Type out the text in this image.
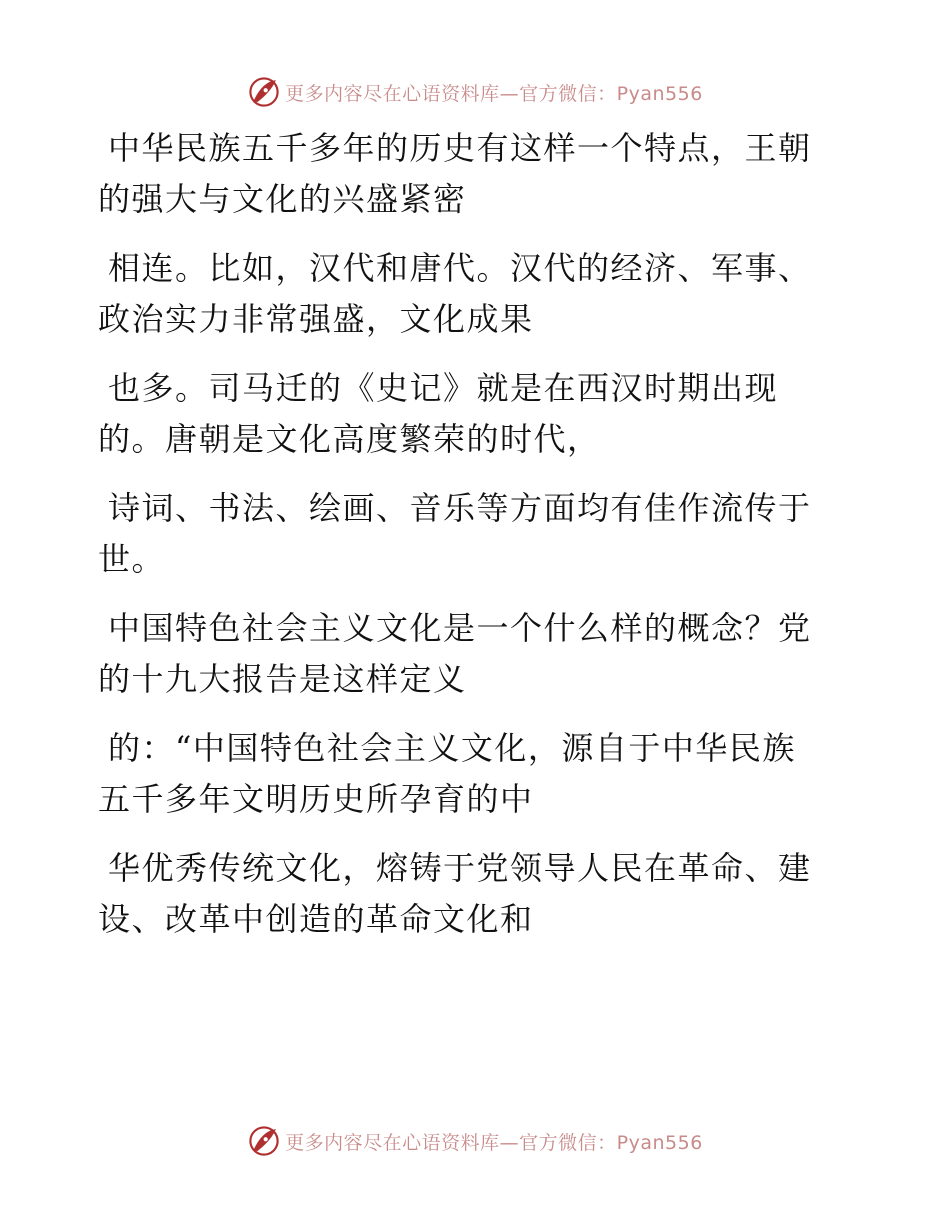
更多内容尽在心语资料库—官方微信：Pyan556
中华民族五千多年的历史有这样一个特点，王朝
的强大与文化的兴盛紧密
相连。比如，汉代和唐代。汉代的经济、军事、
政治实力非常强盛，文化成果
也多。司马迁的《史记》就是在西汉时期出现
的。唐朝是文化高度繁荣的时代，
诗词、书法、绘画、音乐等方面均有佳作流传于
世。
中国特色社会主义文化是一个什么样的概念？党
的十九大报告是这样定义
的：“中国特色社会主义文化，源自于中华民族
五千多年文明历史所孕育的中
华优秀传统文化，熔铸于党领导人民在革命、建
设、改革中创造的革命文化和
更多内容尽在心语资料库—官方微信：Pyan556
